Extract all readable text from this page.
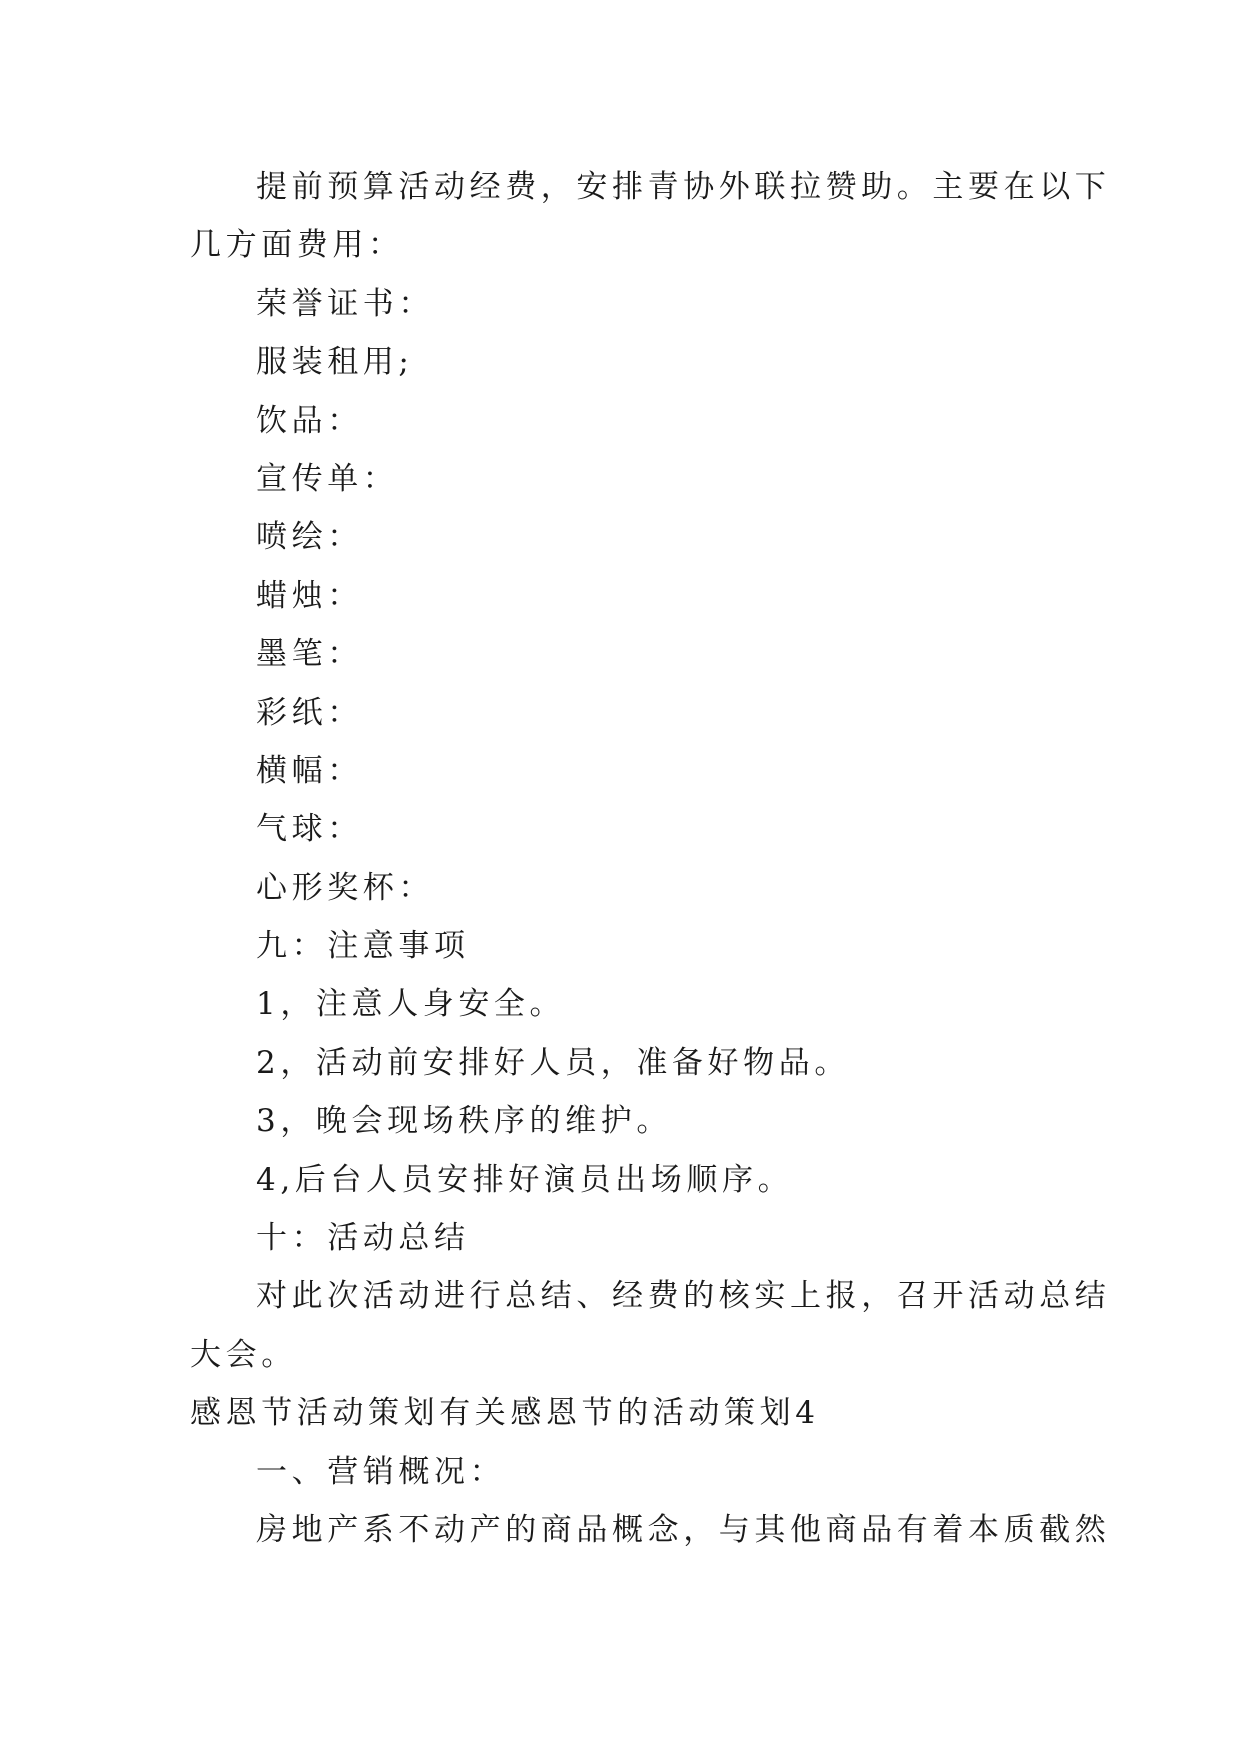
提前预算活动经费，安排青协外联拉赞助。主要在以下

几方面费用：

荣誉证书：

服装租用;

饮品：

宣传单：

喷绘：

蜡烛：

墨笔：

彩纸：

横幅：

气球：

心形奖杯：

九：注意事项

1，注意人身安全。

2，活动前安排好人员，准备好物品。

3，晚会现场秩序的维护。

4,后台人员安排好演员出场顺序。

十：活动总结

对此次活动进行总结、经费的核实上报，召开活动总结

大会。

感恩节活动策划有关感恩节的活动策划4

一、营销概况：

房地产系不动产的商品概念，与其他商品有着本质截然
